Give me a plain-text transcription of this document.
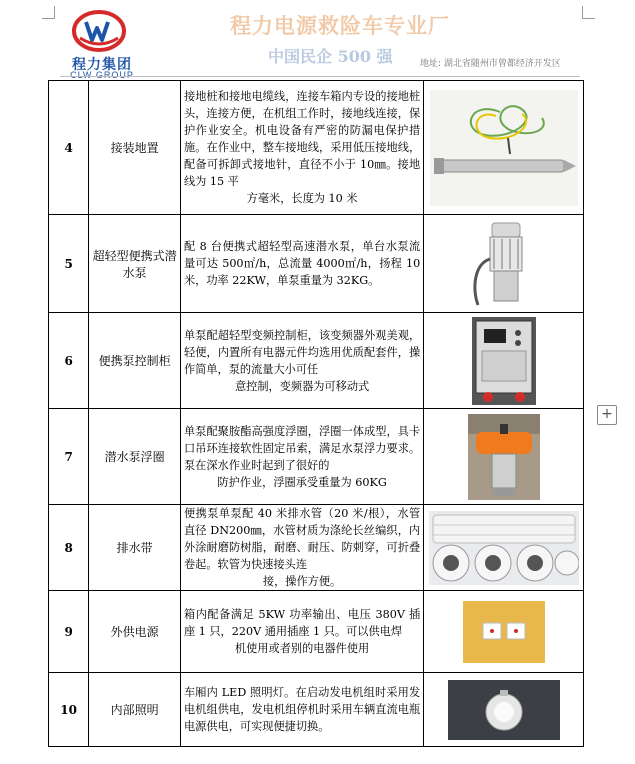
程力集团
CLW GROUP
程力电源救险车专业厂
中国民企 500 强	地址: 湖北省随州市曾都经济开发区
4	接装地置	接地桩和接地电缆线，连接车箱内专设的接地桩头，连接方便，在机组工作时，接地线连接，保护作业安全。机电设备有严密的防漏电保护措施。在作业中，整车接地线，采用低压接地线，配备可拆卸式接地针，直径不小于 10㎜。接地线为 15 平
方毫米，长度为 10 米

5	超轻型便携式潜水泵	配 8 台便携式超轻型高速潜水泵，单台水泵流量可达 500㎡/h，总流量 4000㎡/h，扬程 10 米，功率 22KW，单泵重量为 32KG。	

6	便携泵控制柜	单泵配超轻型变频控制柜，该变频器外观美观，轻便，内置所有电器元件均选用优质配套件，操作简单，泵的流量大小可任
意控制，变频器为可移动式

7	潜水泵浮圈	单泵配聚胺酯高强度浮圈，浮圈一体成型，具卡口吊环连接软性固定吊索，满足水泵浮力要求。泵在深水作业时起到了很好的
防护作业，浮圈承受重量为 60KG

8	排水带	便携泵单泵配 40 米排水管（20 米/根），水管直径 DN200㎜，水管材质为涤纶长丝编织，内外涂耐磨防树脂，耐磨、耐压、防刺穿，可折叠卷起。软管为快速接头连
接，操作方便。

9	外供电源	箱内配备满足 5KW 功率输出、电压 380V 插座 1 只，220V 通用插座 1 只。可以供电焊
机使用或者别的电器件使用

10	内部照明	车厢内 LED 照明灯。在启动发电机组时采用发电机组供电，发电机组停机时采用车辆直流电瓶电源供电，可实现便捷切换。	
+
